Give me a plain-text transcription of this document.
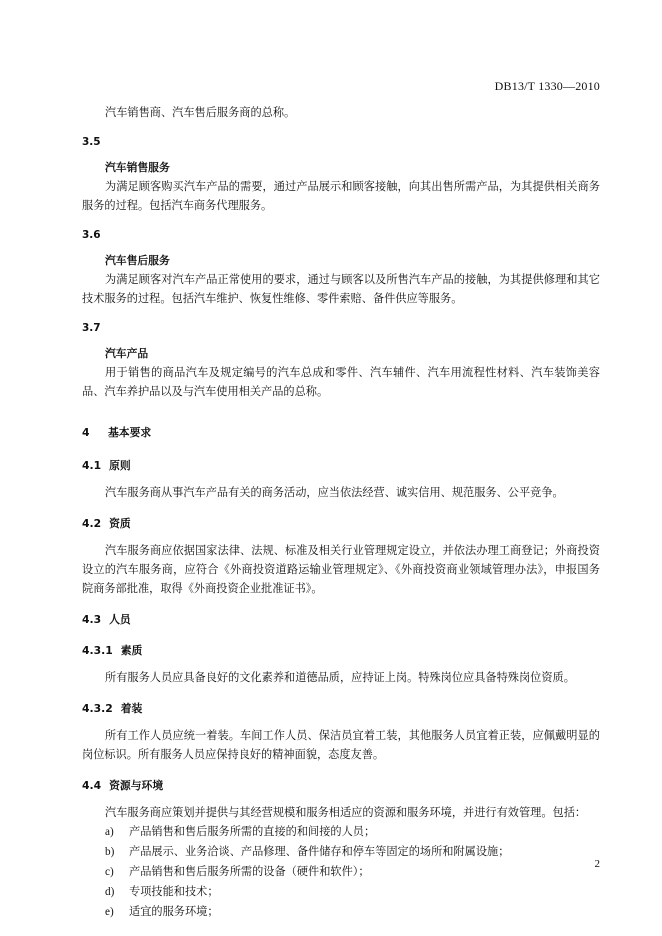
DB13/T 1330—2010

汽车销售商、汽车售后服务商的总称。

3.5

汽车销售服务

为满足顾客购买汽车产品的需要，通过产品展示和顾客接触，向其出售所需产品，为其提供相关商务服务的过程。包括汽车商务代理服务。

3.6

汽车售后服务

为满足顾客对汽车产品正常使用的要求，通过与顾客以及所售汽车产品的接触，为其提供修理和其它技术服务的过程。包括汽车维护、恢复性维修、零件索赔、备件供应等服务。

3.7

汽车产品

用于销售的商品汽车及规定编号的汽车总成和零件、汽车辅件、汽车用流程性材料、汽车装饰美容品、汽车养护品以及与汽车使用相关产品的总称。

4 基本要求
4.1 原则

汽车服务商从事汽车产品有关的商务活动，应当依法经营、诚实信用、规范服务、公平竞争。

4.2 资质

汽车服务商应依据国家法律、法规、标准及相关行业管理规定设立，并依法办理工商登记；外商投资设立的汽车服务商，应符合《外商投资道路运输业管理规定》、《外商投资商业领域管理办法》，申报国务院商务部批准，取得《外商投资企业批准证书》。

4.3 人员
4.3.1 素质

所有服务人员应具备良好的文化素养和道德品质，应持证上岗。特殊岗位应具备特殊岗位资质。

4.3.2 着装

所有工作人员应统一着装。车间工作人员、保洁员宜着工装，其他服务人员宜着正装，应佩戴明显的岗位标识。所有服务人员应保持良好的精神面貌，态度友善。

4.4 资源与环境

汽车服务商应策划并提供与其经营规模和服务相适应的资源和服务环境，并进行有效管理。包括：

a) 产品销售和售后服务所需的直接的和间接的人员；

b) 产品展示、业务洽谈、产品修理、备件储存和停车等固定的场所和附属设施；

c) 产品销售和售后服务所需的设备（硬件和软件）；

d) 专项技能和技术；

e) 适宜的服务环境；

2
